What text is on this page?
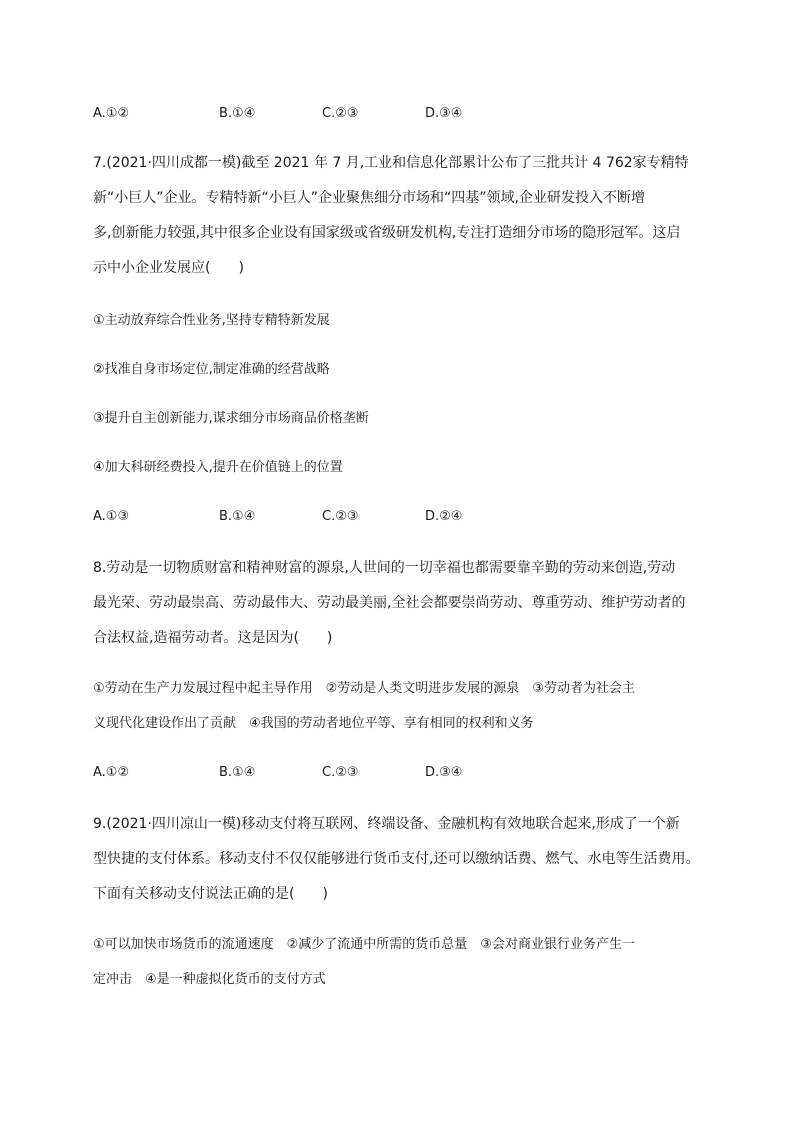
A.①②	B.①④	C.②③	D.③④
7.(2021·四川成都一模)截至 2021 年 7 月,工业和信息化部累计公布了三批共计 4 762家专精特
新“小巨人”企业。专精特新“小巨人”企业聚焦细分市场和“四基”领域,企业研发投入不断增
多,创新能力较强,其中很多企业设有国家级或省级研发机构,专注打造细分市场的隐形冠军。这启
示中小企业发展应(　　)
①主动放弃综合性业务,坚持专精特新发展
②找准自身市场定位,制定准确的经营战略
③提升自主创新能力,谋求细分市场商品价格垄断
④加大科研经费投入,提升在价值链上的位置
A.①③	B.①④	C.②③	D.②④
8.劳动是一切物质财富和精神财富的源泉,人世间的一切幸福也都需要靠辛勤的劳动来创造,劳动
最光荣、劳动最崇高、劳动最伟大、劳动最美丽,全社会都要崇尚劳动、尊重劳动、维护劳动者的
合法权益,造福劳动者。这是因为(　　)
①劳动在生产力发展过程中起主导作用　②劳动是人类文明进步发展的源泉　③劳动者为社会主
义现代化建设作出了贡献　④我国的劳动者地位平等、享有相同的权利和义务
A.①②	B.①④	C.②③	D.③④
9.(2021·四川凉山一模)移动支付将互联网、终端设备、金融机构有效地联合起来,形成了一个新
型快捷的支付体系。移动支付不仅仅能够进行货币支付,还可以缴纳话费、燃气、水电等生活费用。
下面有关移动支付说法正确的是(　　)
①可以加快市场货币的流通速度　②减少了流通中所需的货币总量　③会对商业银行业务产生一
定冲击　④是一种虚拟化货币的支付方式
